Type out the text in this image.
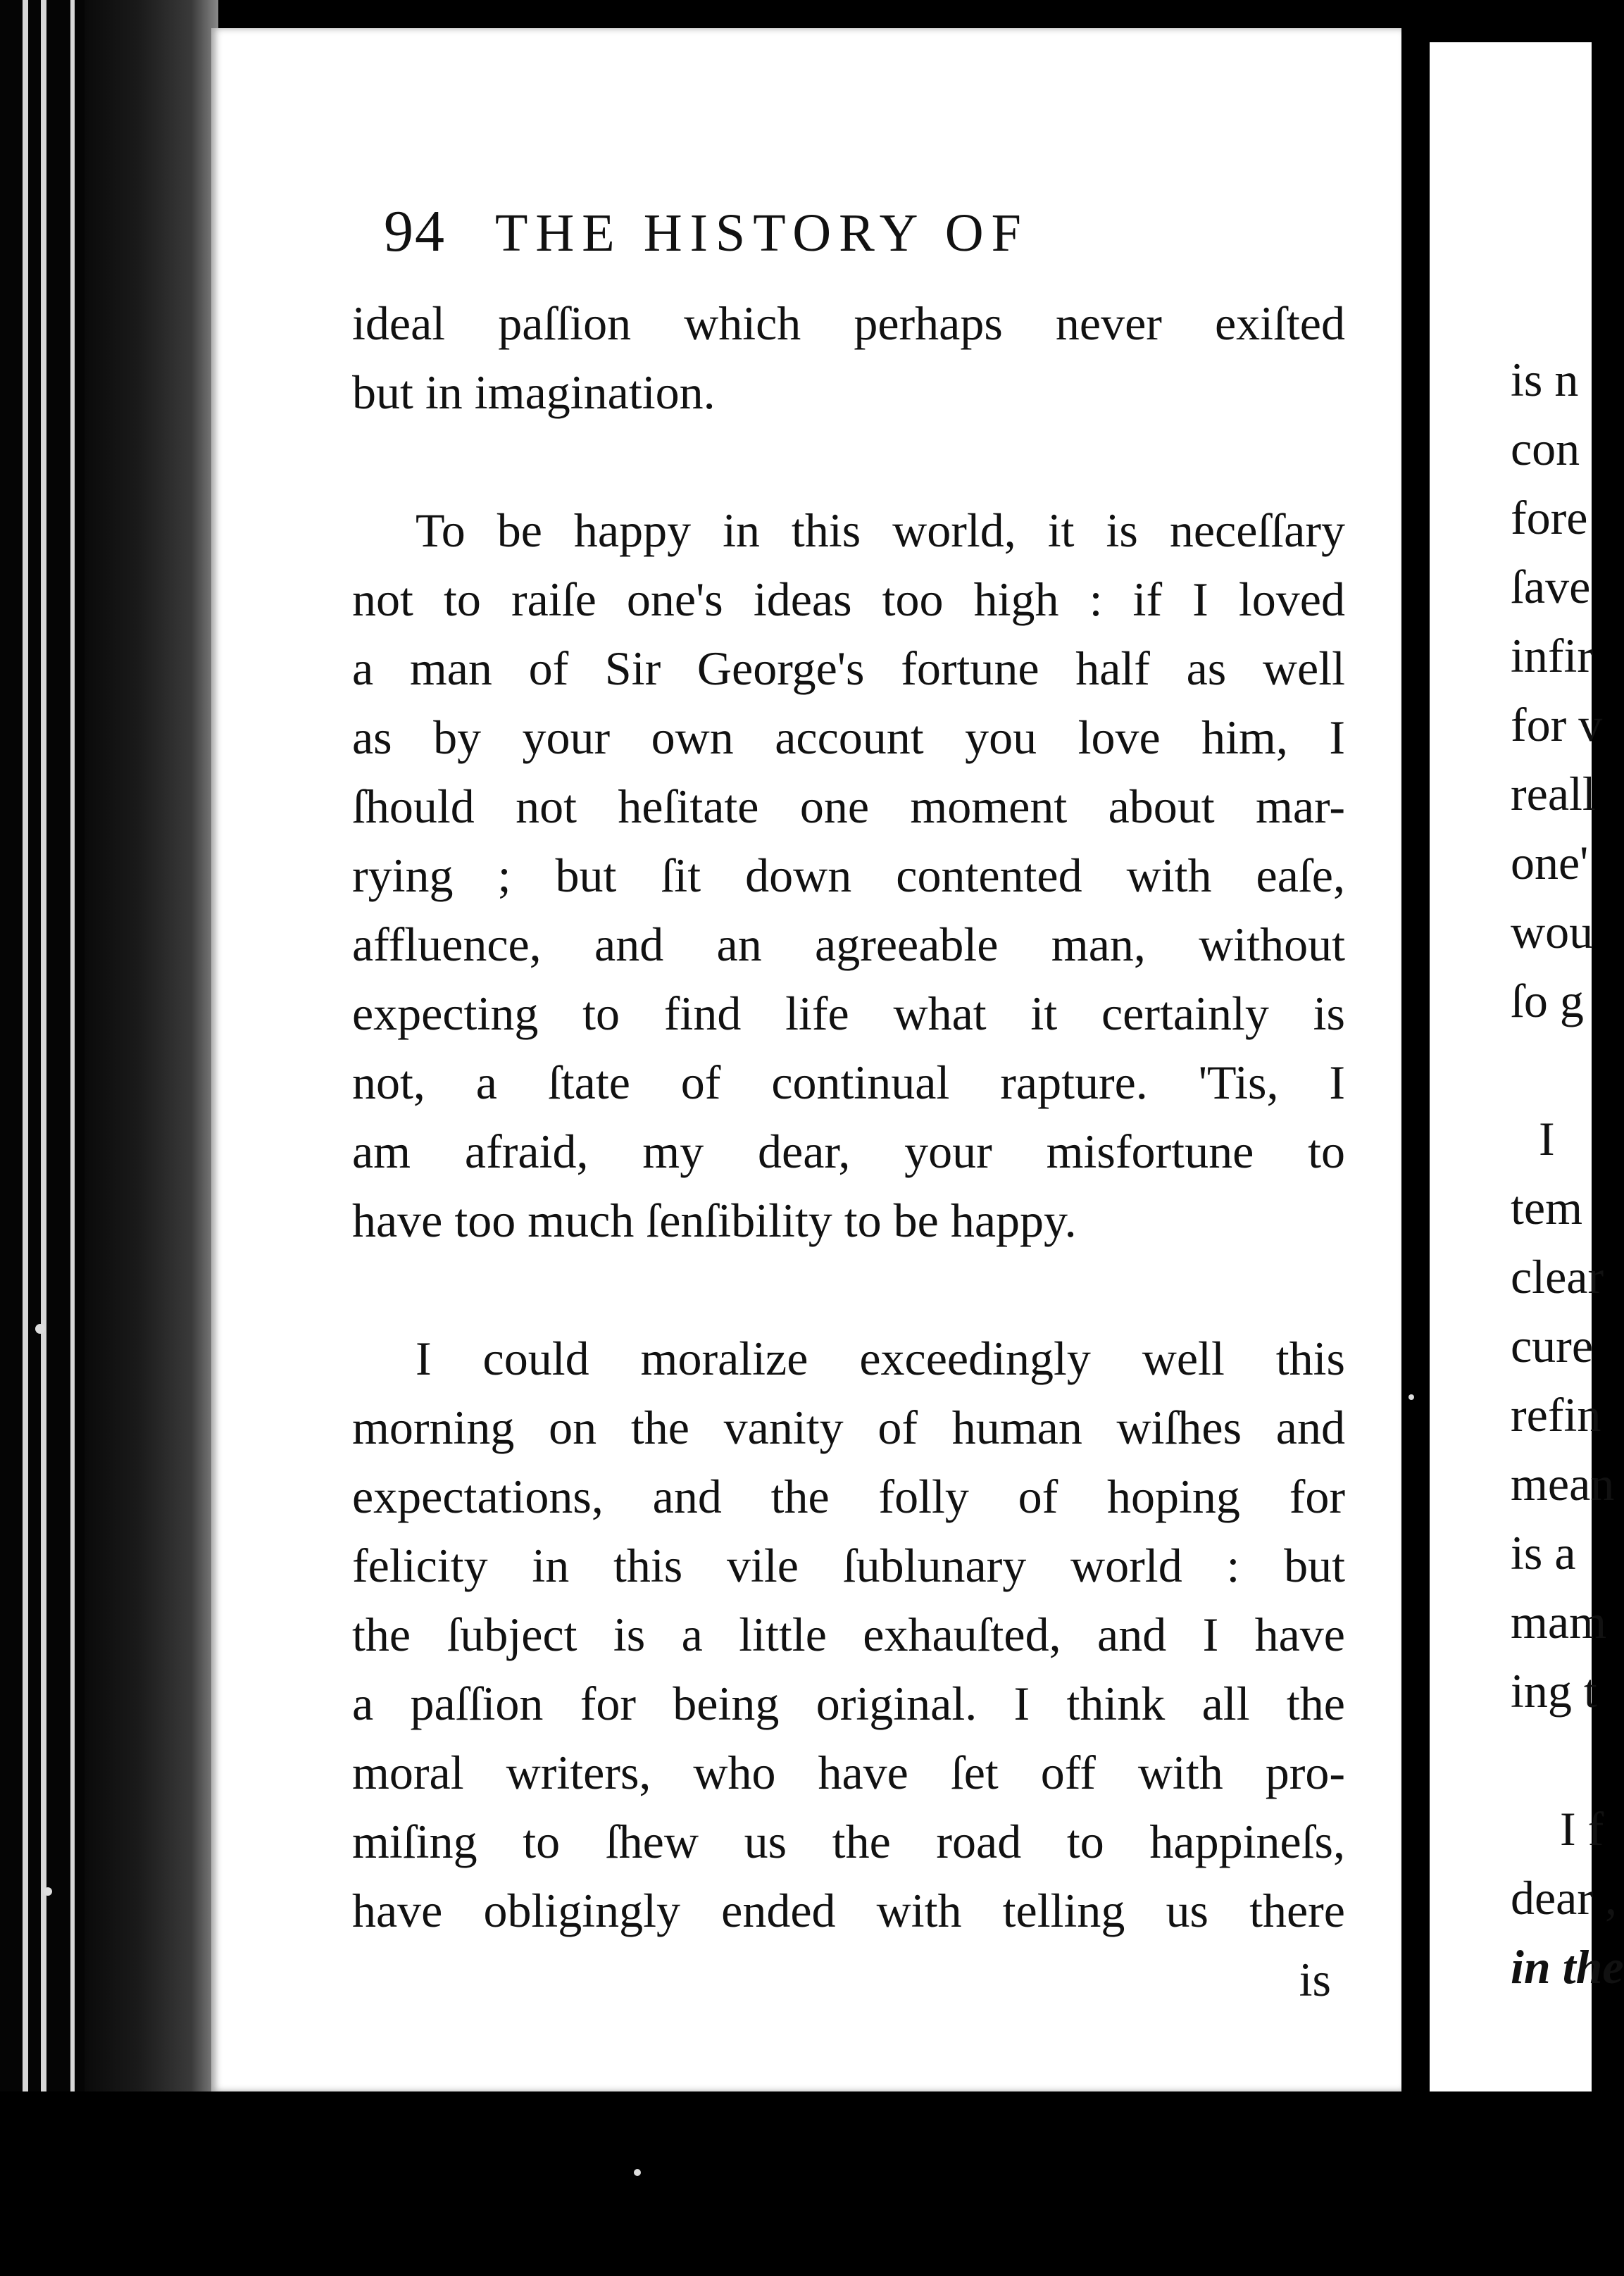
94 THE HISTORY OF

ideal paſſion which perhaps never exiſted
but in imagination.

To be happy in this world, it is neceſſary
not to raiſe one's ideas too high : if I loved
a man of Sir George's fortune half as well
as by your own account you love him, I
ſhould not heſitate one moment about mar-
rying ; but ſit down contented with eaſe,
affluence, and an agreeable man, without
expecting to find life what it certainly is
not, a ſtate of continual rapture. 'Tis, I
am afraid, my dear, your misfortune to
have too much ſenſibility to be happy.

I could moralize exceedingly well this
morning on the vanity of human wiſhes and
expectations, and the folly of hoping for
felicity in this vile ſublunary world : but
the ſubject is a little exhauſted, and I have
a paſſion for being original. I think all the
moral writers, who have ſet off with pro-
miſing to ſhew us the road to happineſs,
have obligingly ended with telling us there

is
is n
con
fore
ſave
infir
for v
reall
one'
wou
ſo g
I
tem
clear
cure
refin
mean
is a
mam
ing t
I f
dear ,
in the
